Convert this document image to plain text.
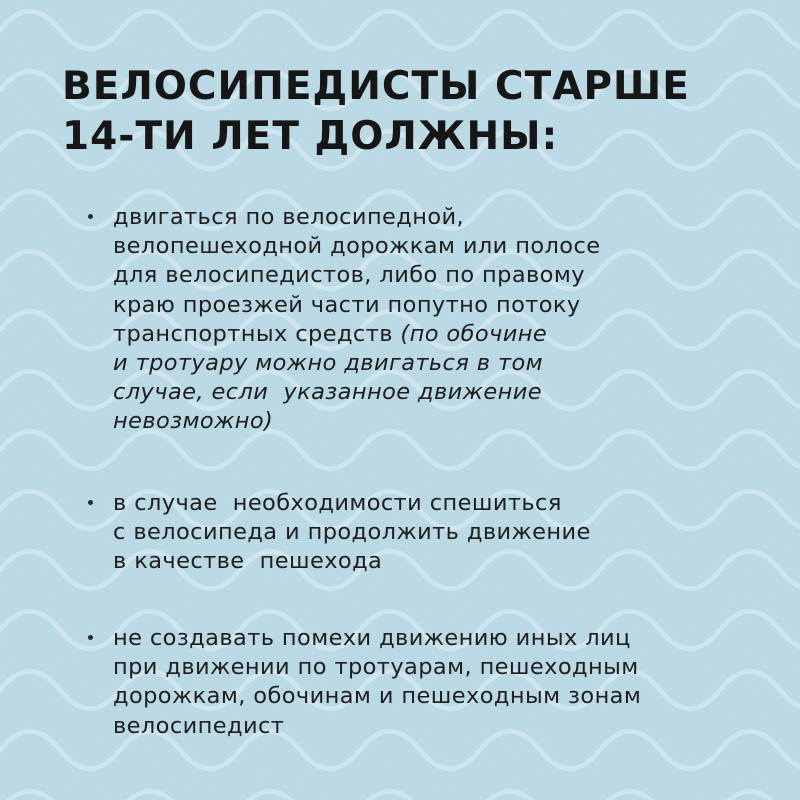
ВЕЛОСИПЕДИСТЫ СТАРШЕ
14-ТИ ЛЕТ ДОЛЖНЫ:
двигаться по велосипедной,
велопешеходной дорожкам или полосе
для велосипедистов, либо по правому
краю проезжей части попутно потоку
транспортных средств (по обочине
и тротуару можно двигаться в том
случае, если  указанное движение
невозможно)
в случае  необходимости спешиться
с велосипеда и продолжить движение
в качестве  пешехода
не создавать помехи движению иных лиц
при движении по тротуарам, пешеходным
дорожкам, обочинам и пешеходным зонам
велосипедист
